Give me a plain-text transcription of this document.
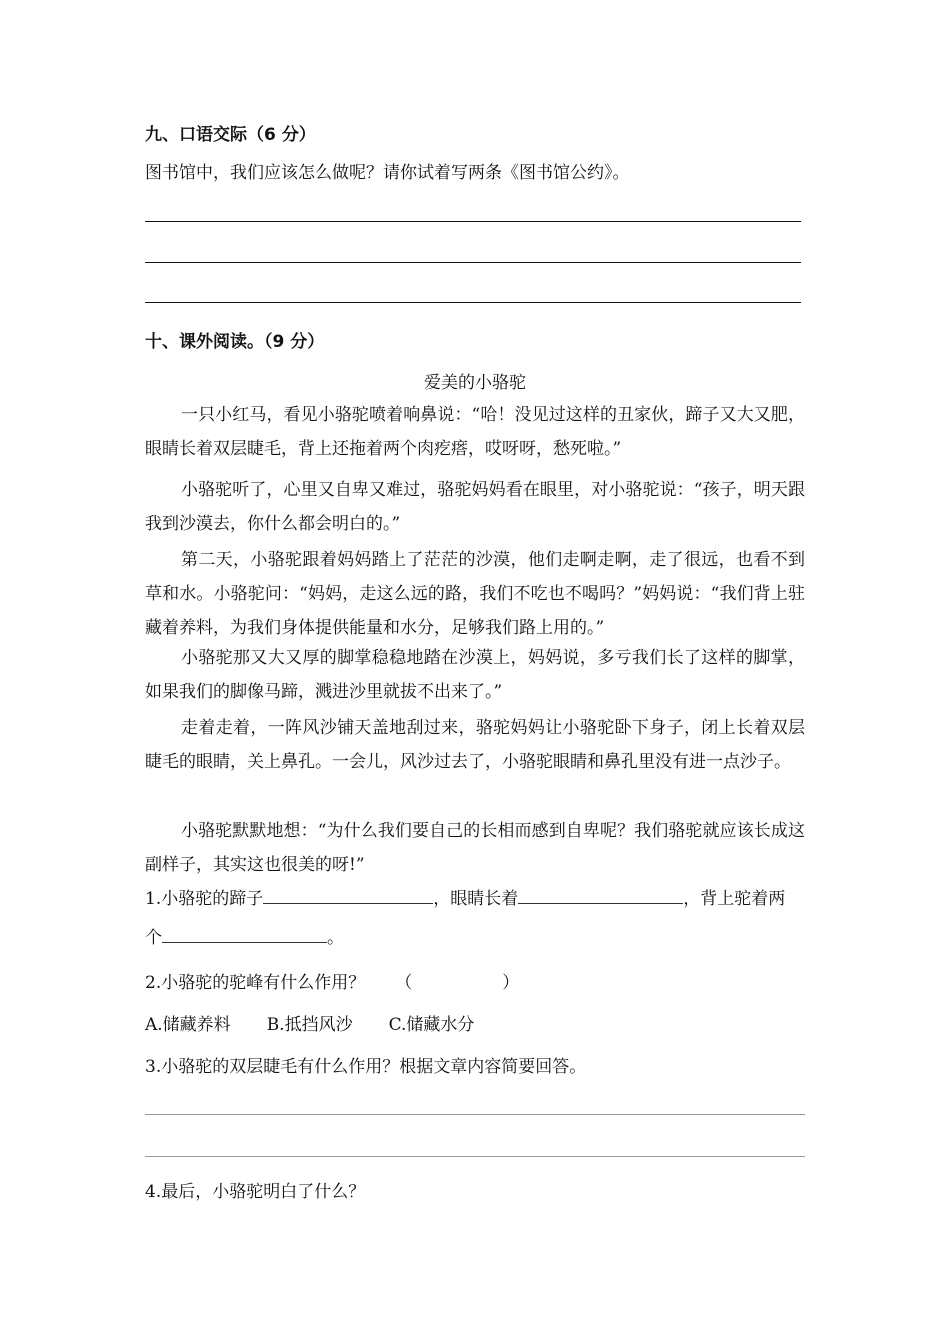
九、口语交际（6 分）
图书馆中，我们应该怎么做呢？请你试着写两条《图书馆公约》。
十、课外阅读。（9 分）
爱美的小骆驼
一只小红马，看见小骆驼喷着响鼻说：“哈！没见过这样的丑家伙，蹄子又大又肥，眼睛长着双层睫毛，背上还拖着两个肉疙瘩，哎呀呀，愁死啦。”
小骆驼听了，心里又自卑又难过，骆驼妈妈看在眼里，对小骆驼说：“孩子，明天跟我到沙漠去，你什么都会明白的。”
第二天，小骆驼跟着妈妈踏上了茫茫的沙漠，他们走啊走啊，走了很远，也看不到草和水。小骆驼问：“妈妈，走这么远的路，我们不吃也不喝吗？”妈妈说：“我们背上驻藏着养料，为我们身体提供能量和水分，足够我们路上用的。”
小骆驼那又大又厚的脚掌稳稳地踏在沙漠上，妈妈说，多亏我们长了这样的脚掌，如果我们的脚像马蹄，溅进沙里就拔不出来了。”
走着走着，一阵风沙铺天盖地刮过来，骆驼妈妈让小骆驼卧下身子，闭上长着双层睫毛的眼睛，关上鼻孔。一会儿，风沙过去了，小骆驼眼睛和鼻孔里没有进一点沙子。
小骆驼默默地想：“为什么我们要自己的长相而感到自卑呢？我们骆驼就应该长成这副样子，其实这也很美的呀!”
1.小骆驼的蹄子	，眼睛长着	，背上驼着两
个	。
2.小骆驼的驼峰有什么作用？ （	）
A.储藏养料 B.抵挡风沙 C.储藏水分
3.小骆驼的双层睫毛有什么作用？根据文章内容简要回答。
4.最后，小骆驼明白了什么？
